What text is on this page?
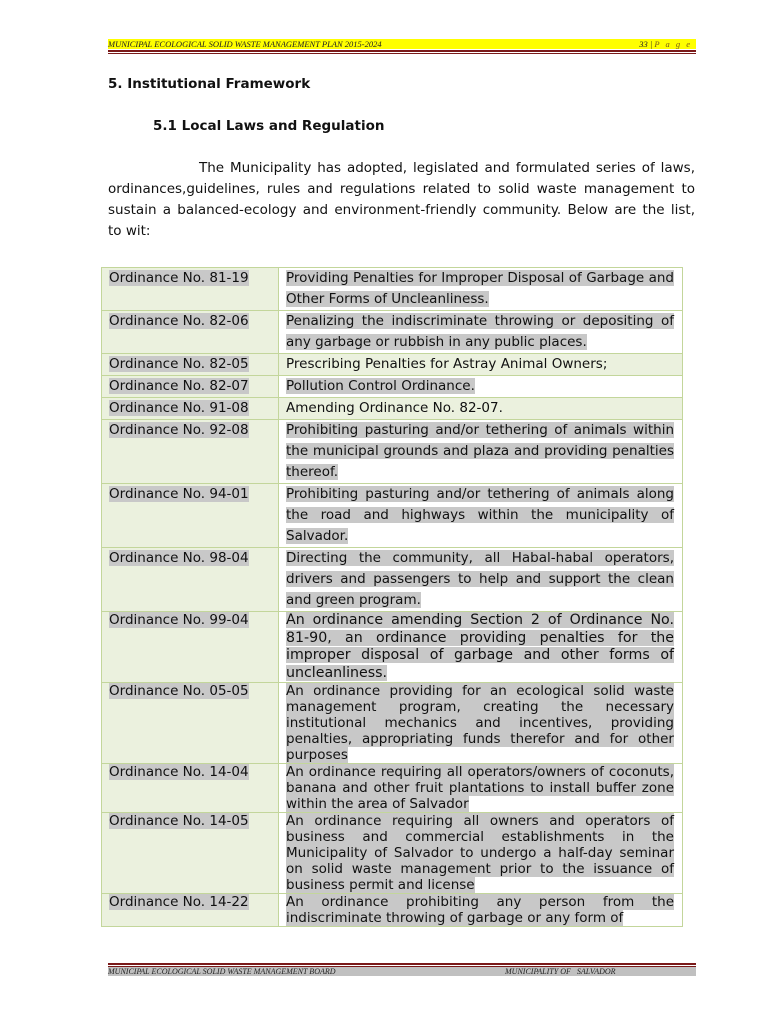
MUNICIPAL ECOLOGICAL SOLID WASTE MANAGEMENT PLAN 2015-2024	33 | P a g e
5. Institutional Framework
5.1 Local Laws and Regulation
The Municipality has adopted, legislated and formulated series of laws, ordinances,guidelines, rules and regulations related to solid waste management to sustain a balanced-ecology and environment-friendly community. Below are the list, to wit:
Ordinance No. 81-19	Providing Penalties for Improper Disposal of Garbage and Other Forms of Uncleanliness.
Ordinance No. 82-06	Penalizing the indiscriminate throwing or depositing of any garbage or rubbish in any public places.
Ordinance No. 82-05	Prescribing Penalties for Astray Animal Owners;
Ordinance No. 82-07	Pollution Control Ordinance.
Ordinance No. 91-08	Amending Ordinance No. 82-07.
Ordinance No. 92-08	Prohibiting pasturing and/or tethering of animals within the municipal grounds and plaza and providing penalties thereof.
Ordinance No. 94-01	Prohibiting pasturing and/or tethering of animals along the road and highways within the municipality of Salvador.
Ordinance No. 98-04	Directing the community, all Habal-habal operators, drivers and passengers to help and support the clean and green program.
Ordinance No. 99-04	An ordinance amending Section 2 of Ordinance No. 81-90, an ordinance providing penalties for the improper disposal of garbage and other forms of uncleanliness.
Ordinance No. 05-05	An ordinance providing for an ecological solid waste management program, creating the necessary institutional mechanics and incentives, providing penalties, appropriating funds therefor and for other purposes
Ordinance No. 14-04	An ordinance requiring all operators/owners of coconuts, banana and other fruit plantations to install buffer zone within the area of Salvador
Ordinance No. 14-05	An ordinance requiring all owners and operators of business and commercial establishments in the Municipality of Salvador to undergo a half-day seminar on solid waste management prior to the issuance of business permit and license
Ordinance No. 14-22	An ordinance prohibiting any person from the indiscriminate throwing of garbage or any form of
MUNICIPAL ECOLOGICAL SOLID WASTE MANAGEMENT BOARD	MUNICIPALITY OF   SALVADOR
